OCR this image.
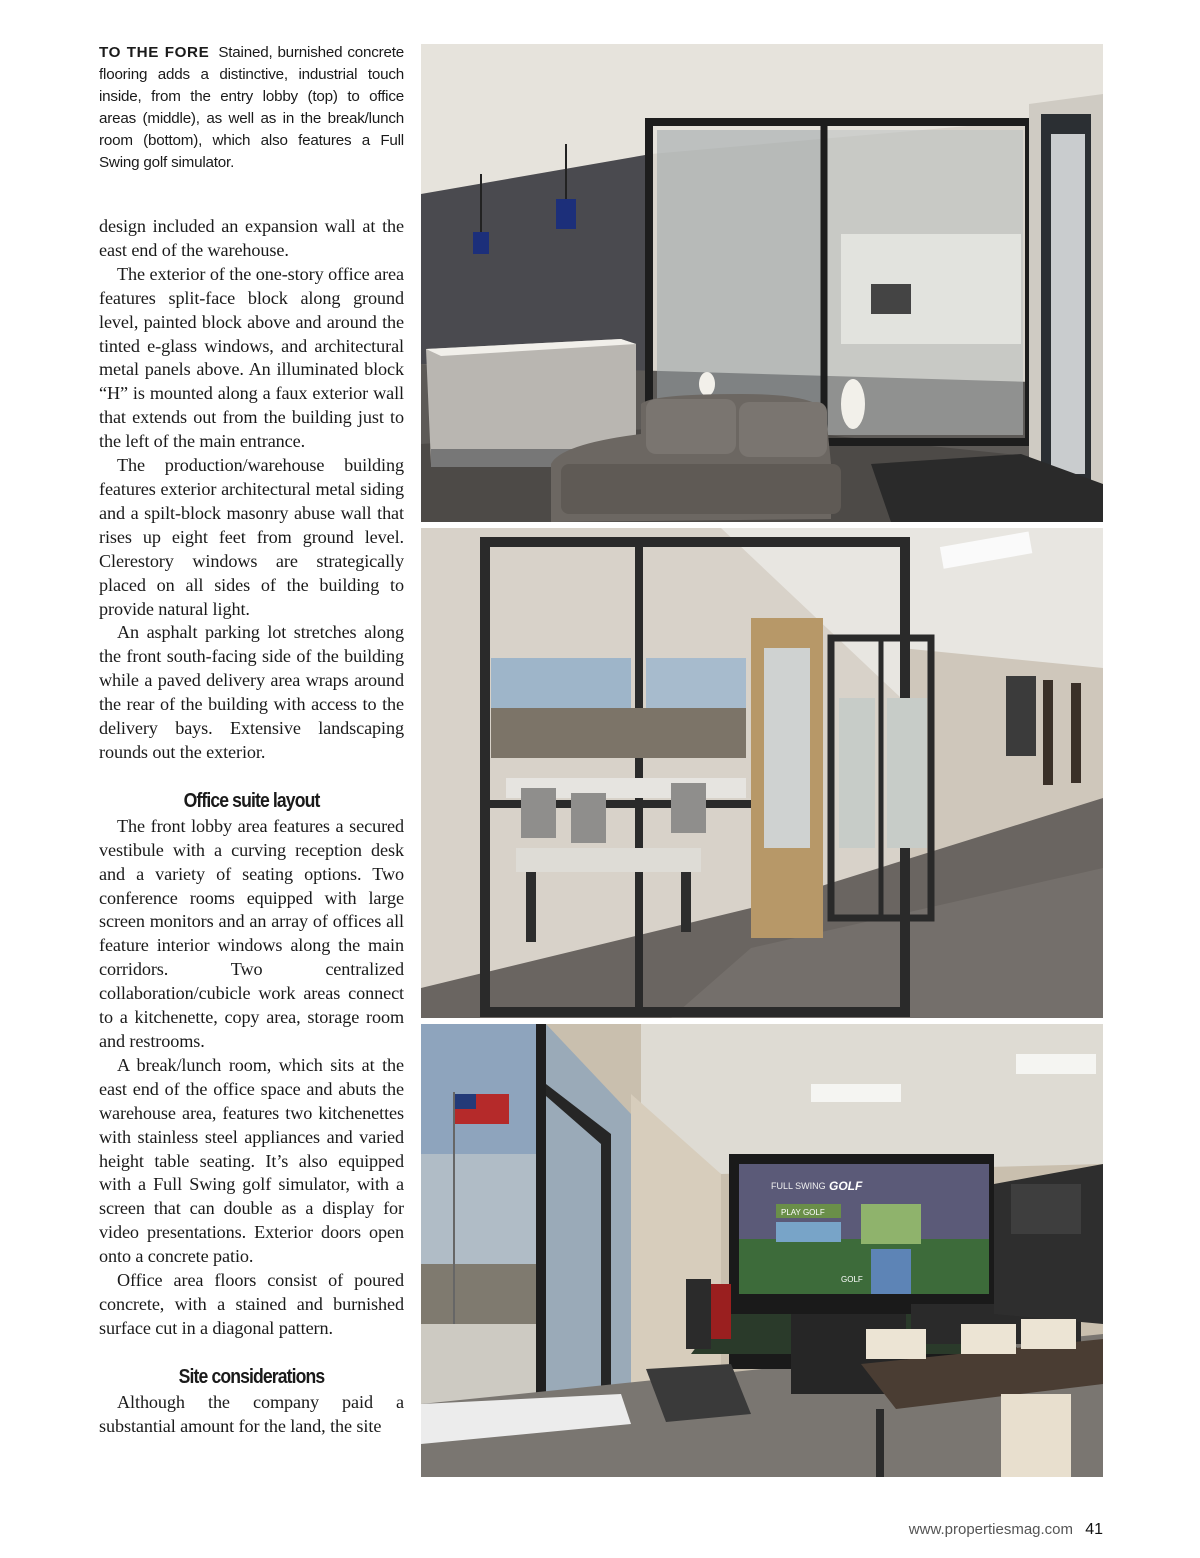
TO THE FORE Stained, burnished concrete flooring adds a distinctive, industrial touch inside, from the entry lobby (top) to office areas (middle), as well as in the break/lunch room (bottom), which also features a Full Swing golf simulator.

design included an expansion wall at the east end of the warehouse.

The exterior of the one-story office area features split-face block along ground level, painted block above and around the tinted e-glass windows, and architectural metal panels above. An illuminated block “H” is mounted along a faux exterior wall that extends out from the building just to the left of the main entrance.

The production/warehouse building features exterior architectural metal siding and a spilt-block masonry abuse wall that rises up eight feet from ground level. Clerestory windows are strategically placed on all sides of the building to provide natural light.

An asphalt parking lot stretches along the front south-facing side of the building while a paved delivery area wraps around the rear of the building with access to the delivery bays. Extensive landscaping rounds out the exterior.

Office suite layout

The front lobby area features a secured vestibule with a curving reception desk and a variety of seating options. Two conference rooms equipped with large screen monitors and an array of offices all feature interior windows along the main corridors. Two centralized collaboration/cubicle work areas connect to a kitchenette, copy area, storage room and restrooms.

A break/lunch room, which sits at the east end of the office space and abuts the warehouse area, features two kitchenettes with stainless steel appliances and varied height table seating. It’s also equipped with a Full Swing golf simulator, with a screen that can double as a display for video presentations. Exterior doors open onto a concrete patio.

Office area floors consist of poured concrete, with a stained and burnished surface cut in a diagonal pattern.

Site considerations

Although the company paid a substantial amount for the land, the site

FULL SWING GOLF
PLAY GOLF
GOLF
www.propertiesmag.com 41
